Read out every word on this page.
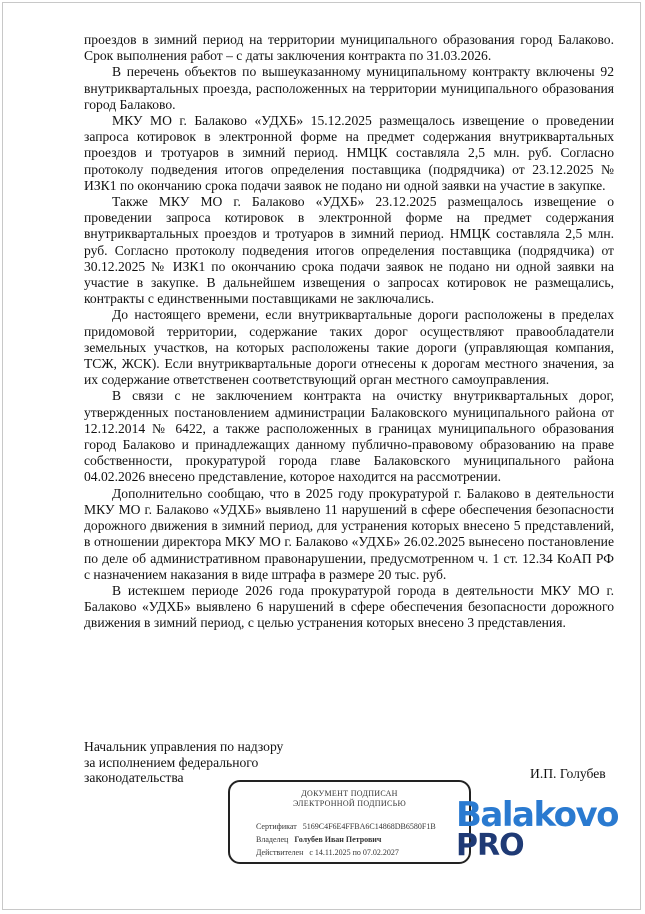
проездов в зимний период на территории муниципального образования город Балаково. Срок выполнения работ – с даты заключения контракта по 31.03.2026.

В перечень объектов по вышеуказанному муниципальному контракту включены 92 внутриквартальных проезда, расположенных на территории муниципального образования город Балаково.

МКУ МО г. Балаково «УДХБ» 15.12.2025 размещалось извещение о проведении запроса котировок в электронной форме на предмет содержания внутриквартальных проездов и тротуаров в зимний период. НМЦК составляла 2,5 млн. руб. Согласно протоколу подведения итогов определения поставщика (подрядчика) от 23.12.2025 № ИЗК1 по окончанию срока подачи заявок не подано ни одной заявки на участие в закупке.

Также МКУ МО г. Балаково «УДХБ» 23.12.2025 размещалось извещение о проведении запроса котировок в электронной форме на предмет содержания внутриквартальных проездов и тротуаров в зимний период. НМЦК составляла 2,5 млн. руб. Согласно протоколу подведения итогов определения поставщика (подрядчика) от 30.12.2025 № ИЗК1 по окончанию срока подачи заявок не подано ни одной заявки на участие в закупке. В дальнейшем извещения о запросах котировок не размещались, контракты с единственными поставщиками не заключались.

До настоящего времени, если внутриквартальные дороги расположены в пределах придомовой территории, содержание таких дорог осуществляют правообладатели земельных участков, на которых расположены такие дороги (управляющая компания, ТСЖ, ЖСК). Если внутриквартальные дороги отнесены к дорогам местного значения, за их содержание ответственен соответствующий орган местного самоуправления.

В связи с не заключением контракта на очистку внутриквартальных дорог, утвержденных постановлением администрации Балаковского муниципального района от 12.12.2014 № 6422, а также расположенных в границах муниципального образования город Балаково и принадлежащих данному публично-правовому образованию на праве собственности, прокуратурой города главе Балаковского муниципального района 04.02.2026 внесено представление, которое находится на рассмотрении.

Дополнительно сообщаю, что в 2025 году прокуратурой г. Балаково в деятельности МКУ МО г. Балаково «УДХБ» выявлено 11 нарушений в сфере обеспечения безопасности дорожного движения в зимний период, для устранения которых внесено 5 представлений, в отношении директора МКУ МО г. Балаково «УДХБ» 26.02.2025 вынесено постановление по деле об административном правонарушении, предусмотренном ч. 1 ст. 12.34 КоАП РФ с назначением наказания в виде штрафа в размере 20 тыс. руб.

В истекшем периоде 2026 года прокуратурой города в деятельности МКУ МО г. Балаково «УДХБ» выявлено 6 нарушений в сфере обеспечения безопасности дорожного движения в зимний период, с целью устранения которых внесено 3 представления.

Начальник управления по надзору
за исполнением федерального
законодательства	И.П. Голубев
ДОКУМЕНТ ПОДПИСАН
ЭЛЕКТРОННОЙ ПОДПИСЬЮ
Сертификат 5169C4F6E4FFBA6C14868DB6580F1B
Владелец Голубев Иван Петрович
Действителен с 14.11.2025 по 07.02.2027
Balakovo
PRO
